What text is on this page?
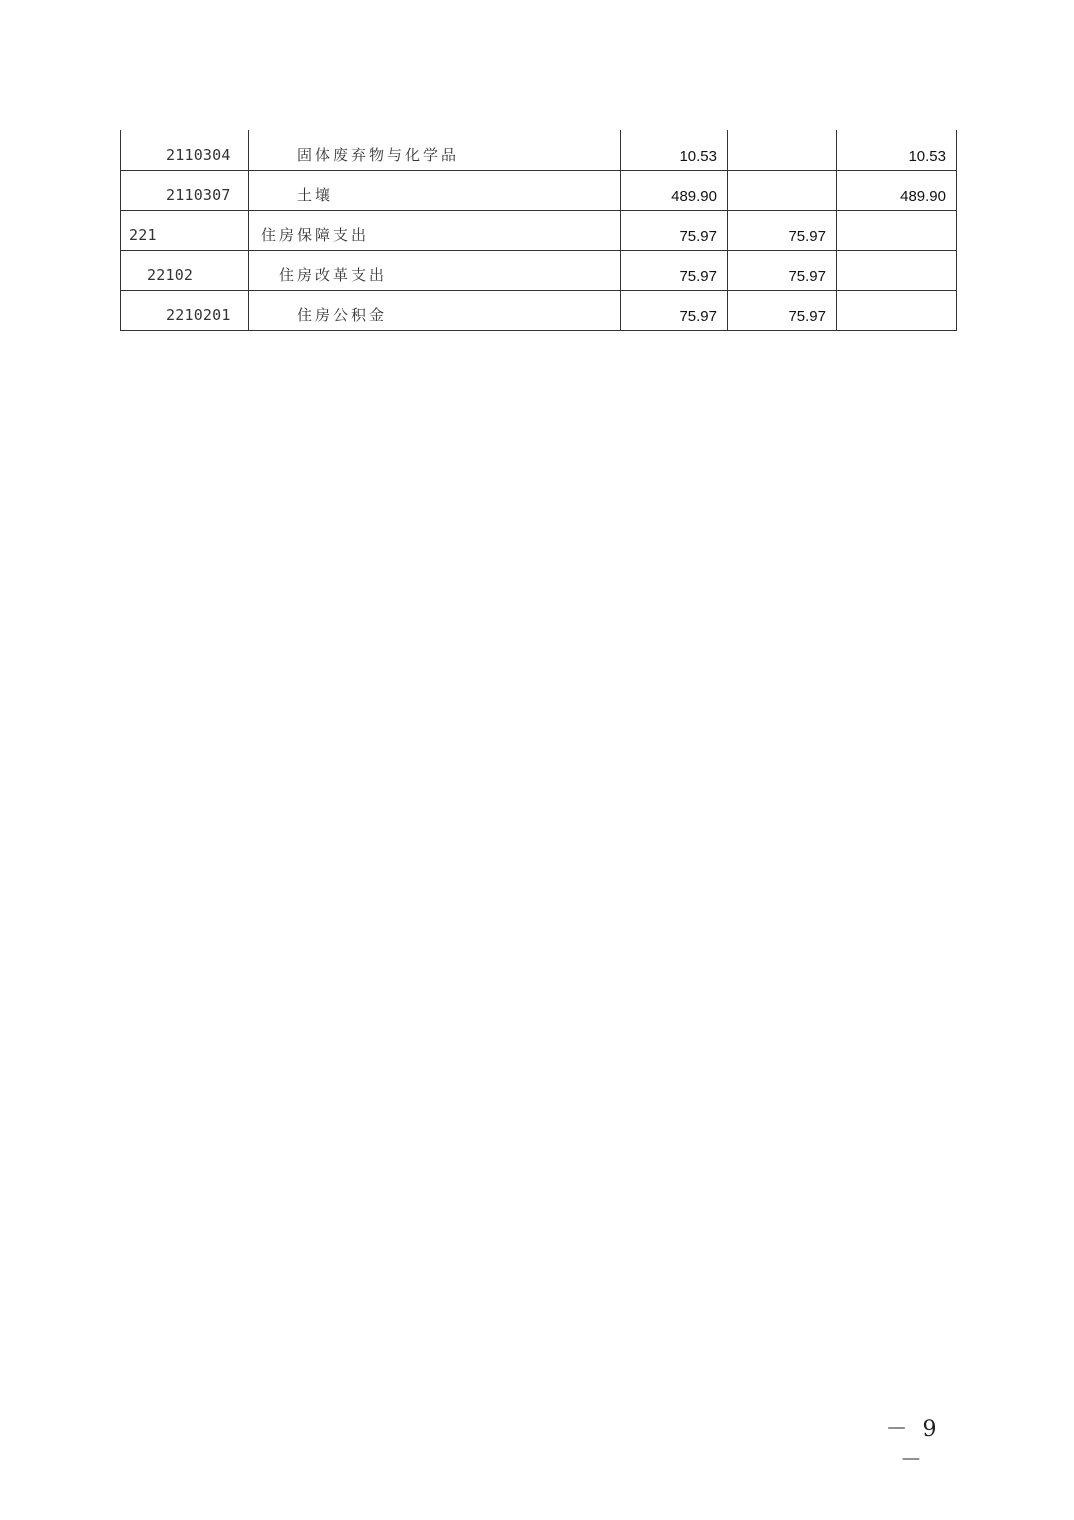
2110304	固体废弃物与化学品	10.53		10.53
2110307	土壤	489.90		489.90
221	住房保障支出	75.97	75.97	
22102	住房改革支出	75.97	75.97	
2210201	住房公积金	75.97	75.97	
－ 9 －
